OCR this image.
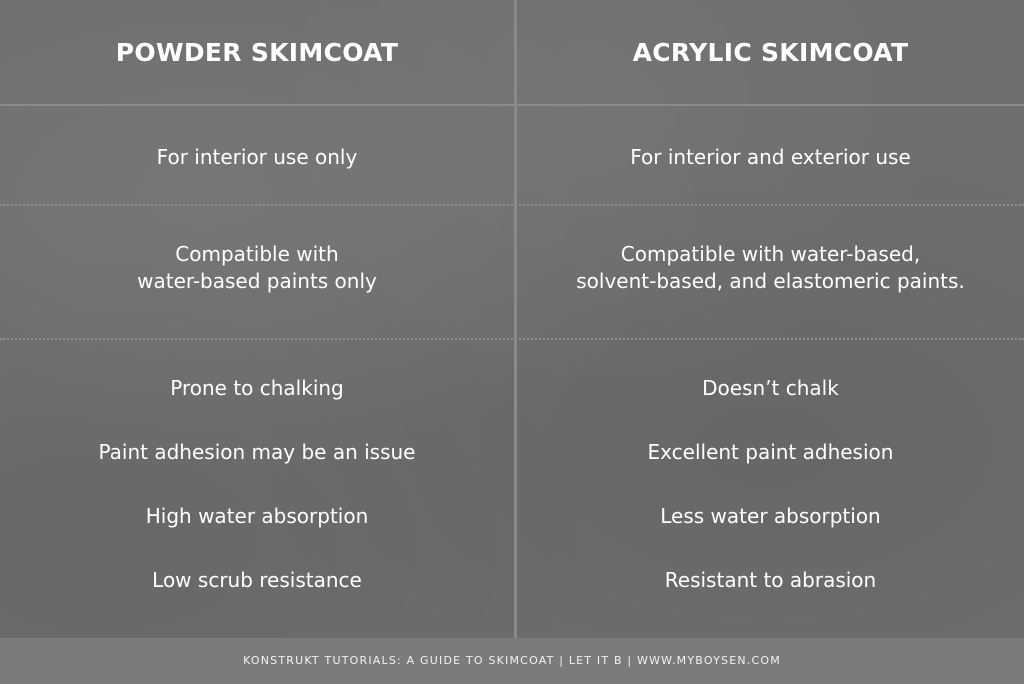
POWDER SKIMCOAT	ACRYLIC SKIMCOAT
For interior use only	For interior and exterior use
Compatible with
water-based paints only
Compatible with water-based,
solvent-based, and elastomeric paints.
Prone to chalking
Paint adhesion may be an issue
High water absorption
Low scrub resistance
Doesn’t chalk
Excellent paint adhesion
Less water absorption
Resistant to abrasion
KONSTRUKT TUTORIALS: A GUIDE TO SKIMCOAT | LET IT B | WWW.MYBOYSEN.COM
